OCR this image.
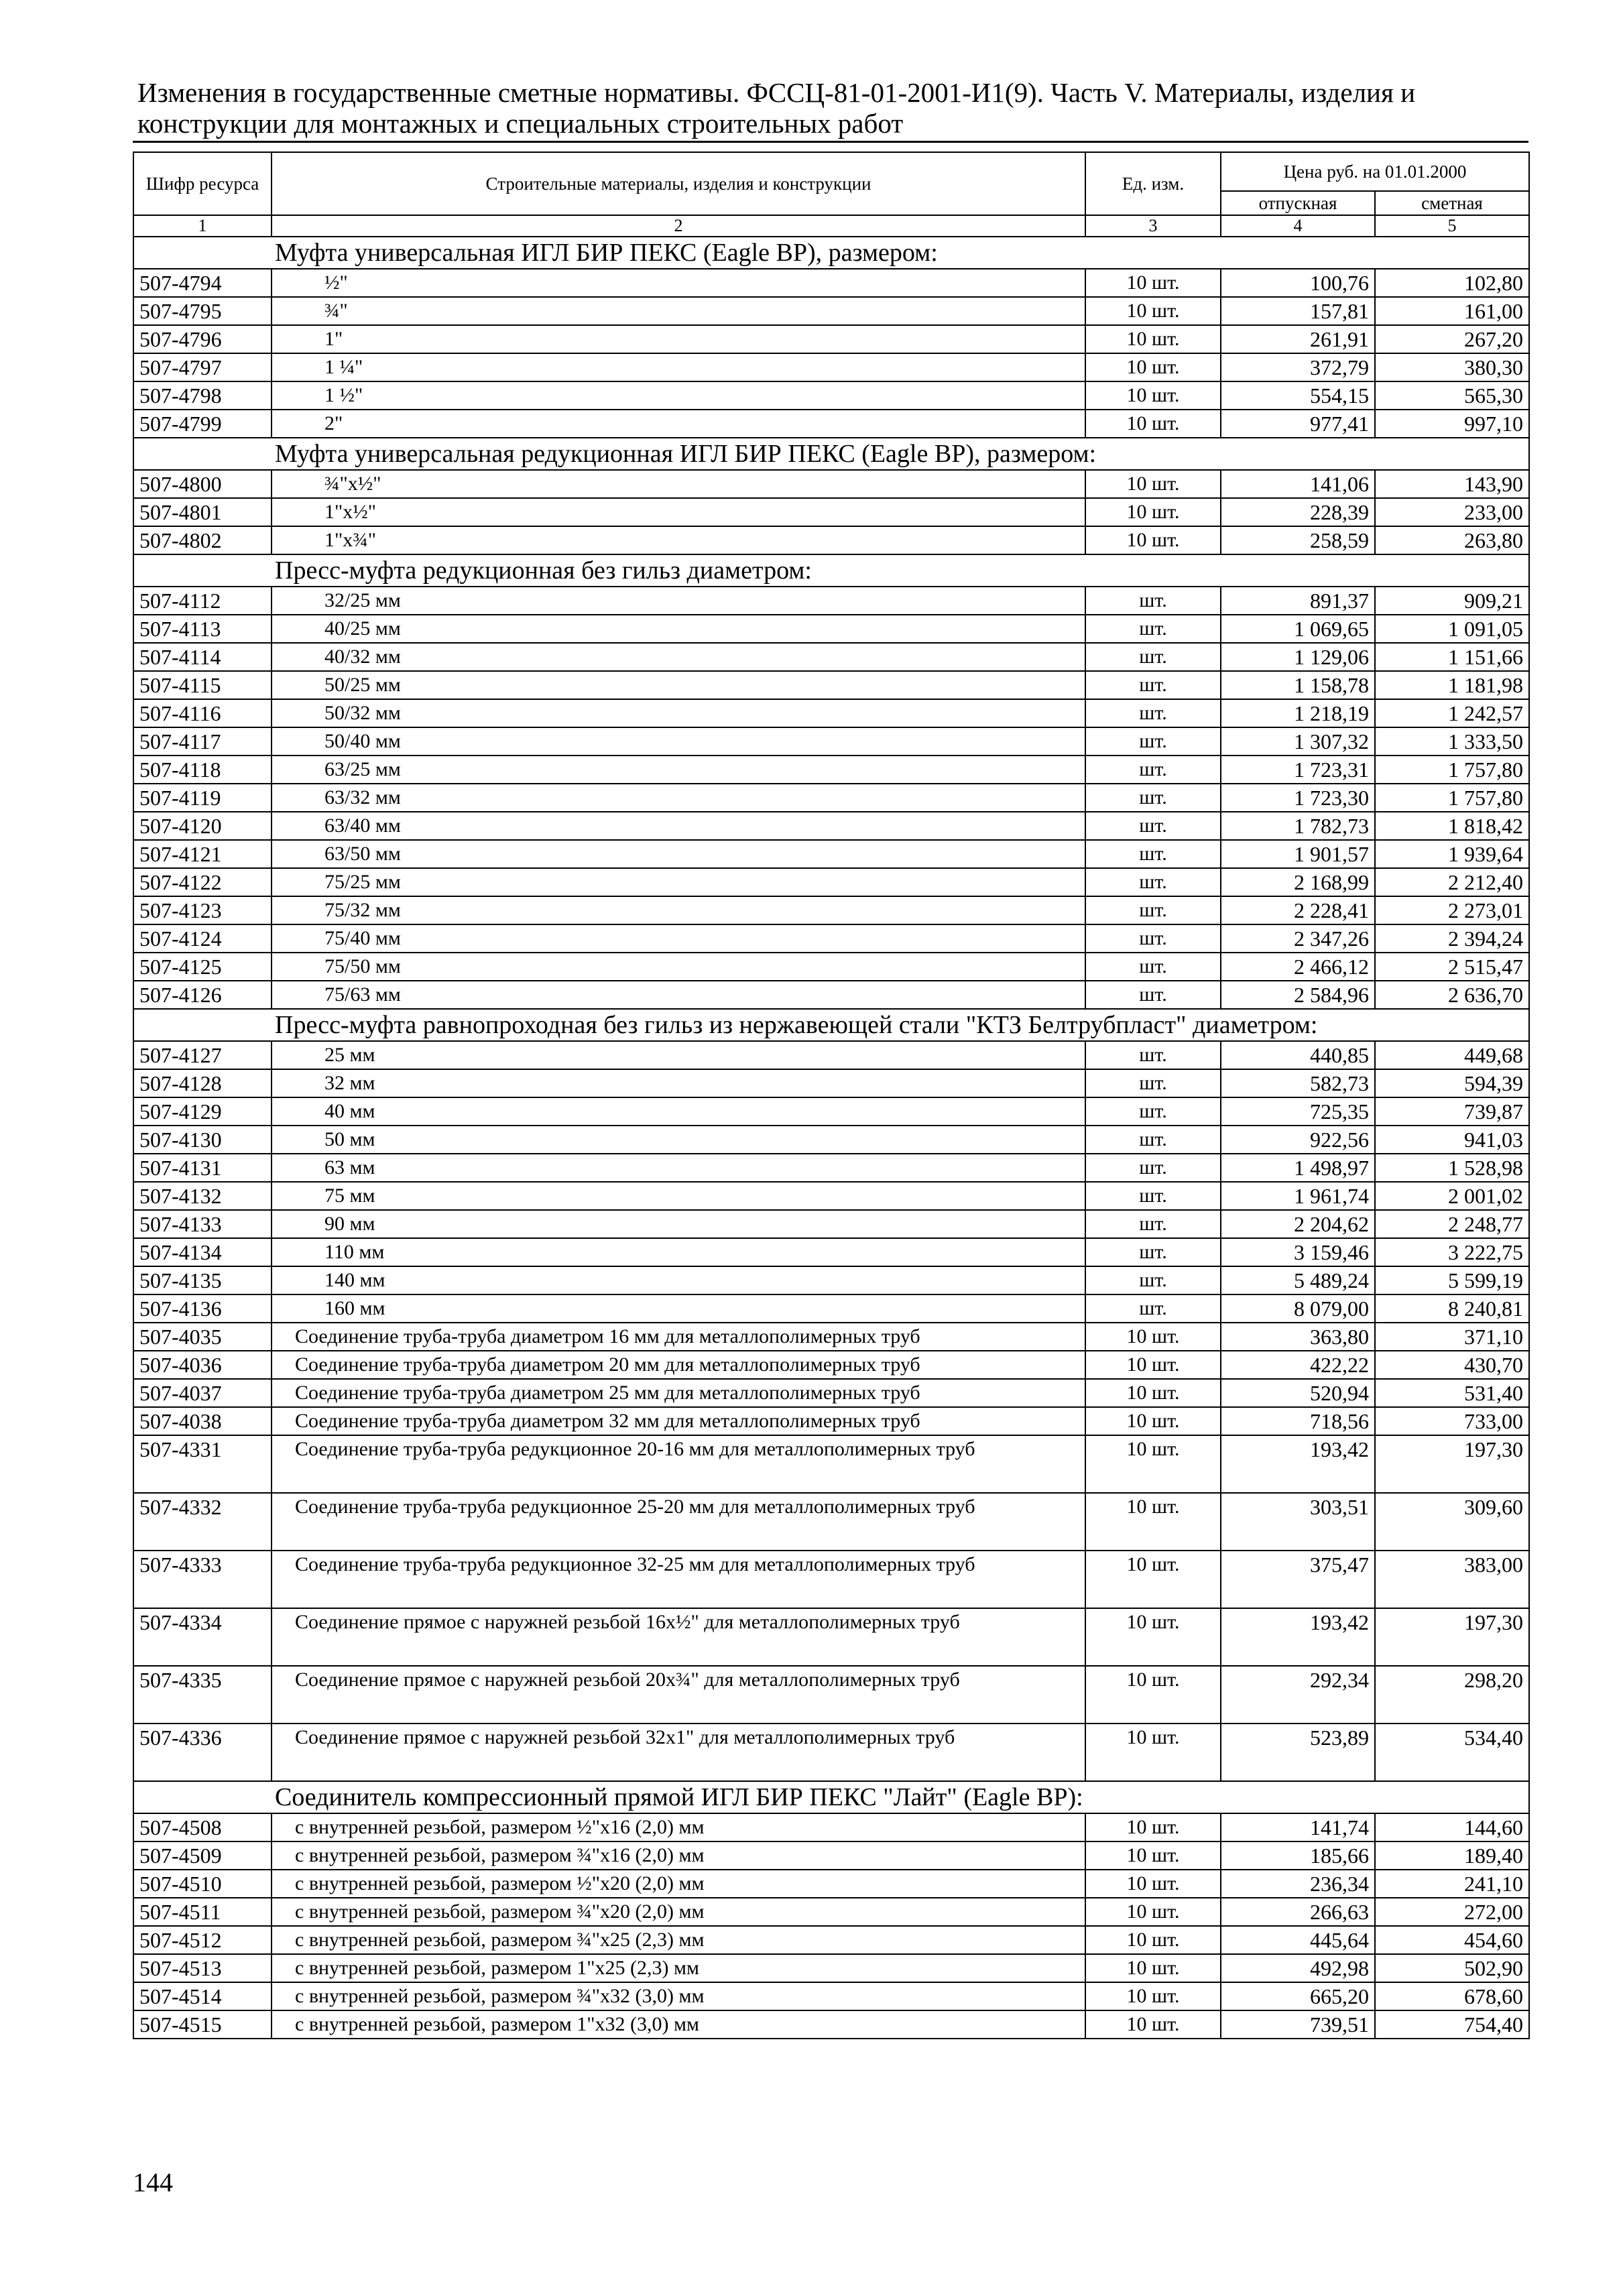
Изменения в государственные сметные нормативы. ФССЦ-81-01-2001-И1(9). Часть V. Материалы, изделия и конструкции для монтажных и специальных строительных работ
Шифр ресурса	Строительные материалы, изделия и конструкции	Ед. изм.	Цена руб. на 01.01.2000	
			отпускная	сметная
1	2	3	4	5
Муфта универсальная ИГЛ БИР ПЕКС (Eagle BP), размером:				
507-4794	½"	10 шт.	100,76	102,80
507-4795	¾"	10 шт.	157,81	161,00
507-4796	1"	10 шт.	261,91	267,20
507-4797	1 ¼"	10 шт.	372,79	380,30
507-4798	1 ½"	10 шт.	554,15	565,30
507-4799	2"	10 шт.	977,41	997,10
Муфта универсальная редукционная ИГЛ БИР ПЕКС (Eagle BP), размером:				
507-4800	¾"х½"	10 шт.	141,06	143,90
507-4801	1"х½"	10 шт.	228,39	233,00
507-4802	1"х¾"	10 шт.	258,59	263,80
Пресс-муфта редукционная без гильз диаметром:				
507-4112	32/25 мм	шт.	891,37	909,21
507-4113	40/25 мм	шт.	1 069,65	1 091,05
507-4114	40/32 мм	шт.	1 129,06	1 151,66
507-4115	50/25 мм	шт.	1 158,78	1 181,98
507-4116	50/32 мм	шт.	1 218,19	1 242,57
507-4117	50/40 мм	шт.	1 307,32	1 333,50
507-4118	63/25 мм	шт.	1 723,31	1 757,80
507-4119	63/32 мм	шт.	1 723,30	1 757,80
507-4120	63/40 мм	шт.	1 782,73	1 818,42
507-4121	63/50 мм	шт.	1 901,57	1 939,64
507-4122	75/25 мм	шт.	2 168,99	2 212,40
507-4123	75/32 мм	шт.	2 228,41	2 273,01
507-4124	75/40 мм	шт.	2 347,26	2 394,24
507-4125	75/50 мм	шт.	2 466,12	2 515,47
507-4126	75/63 мм	шт.	2 584,96	2 636,70
Пресс-муфта равнопроходная без гильз из нержавеющей стали "КТЗ Белтрубпласт" диаметром:				
507-4127	25 мм	шт.	440,85	449,68
507-4128	32 мм	шт.	582,73	594,39
507-4129	40 мм	шт.	725,35	739,87
507-4130	50 мм	шт.	922,56	941,03
507-4131	63 мм	шт.	1 498,97	1 528,98
507-4132	75 мм	шт.	1 961,74	2 001,02
507-4133	90 мм	шт.	2 204,62	2 248,77
507-4134	110 мм	шт.	3 159,46	3 222,75
507-4135	140 мм	шт.	5 489,24	5 599,19
507-4136	160 мм	шт.	8 079,00	8 240,81
507-4035	Соединение труба-труба диаметром 16 мм для металлополимерных труб	10 шт.	363,80	371,10
507-4036	Соединение труба-труба диаметром 20 мм для металлополимерных труб	10 шт.	422,22	430,70
507-4037	Соединение труба-труба диаметром 25 мм для металлополимерных труб	10 шт.	520,94	531,40
507-4038	Соединение труба-труба диаметром 32 мм для металлополимерных труб	10 шт.	718,56	733,00
507-4331	Соединение труба-труба редукционное 20-16 мм для металлополимерных труб	10 шт.	193,42	197,30
507-4332	Соединение труба-труба редукционное 25-20 мм для металлополимерных труб	10 шт.	303,51	309,60
507-4333	Соединение труба-труба редукционное 32-25 мм для металлополимерных труб	10 шт.	375,47	383,00
507-4334	Соединение прямое с наружней резьбой 16х½" для металлополимерных труб	10 шт.	193,42	197,30
507-4335	Соединение прямое с наружней резьбой 20х¾" для металлополимерных труб	10 шт.	292,34	298,20
507-4336	Соединение прямое с наружней резьбой 32х1" для металлополимерных труб	10 шт.	523,89	534,40
Соединитель компрессионный прямой ИГЛ БИР ПЕКС "Лайт" (Eagle BP):				
507-4508	с внутренней резьбой, размером ½"х16 (2,0) мм	10 шт.	141,74	144,60
507-4509	с внутренней резьбой, размером ¾"х16 (2,0) мм	10 шт.	185,66	189,40
507-4510	с внутренней резьбой, размером ½"х20 (2,0) мм	10 шт.	236,34	241,10
507-4511	с внутренней резьбой, размером ¾"х20 (2,0) мм	10 шт.	266,63	272,00
507-4512	с внутренней резьбой, размером ¾"х25 (2,3) мм	10 шт.	445,64	454,60
507-4513	с внутренней резьбой, размером 1"х25 (2,3) мм	10 шт.	492,98	502,90
507-4514	с внутренней резьбой, размером ¾"х32 (3,0) мм	10 шт.	665,20	678,60
507-4515	с внутренней резьбой, размером 1"х32 (3,0) мм	10 шт.	739,51	754,40
144
